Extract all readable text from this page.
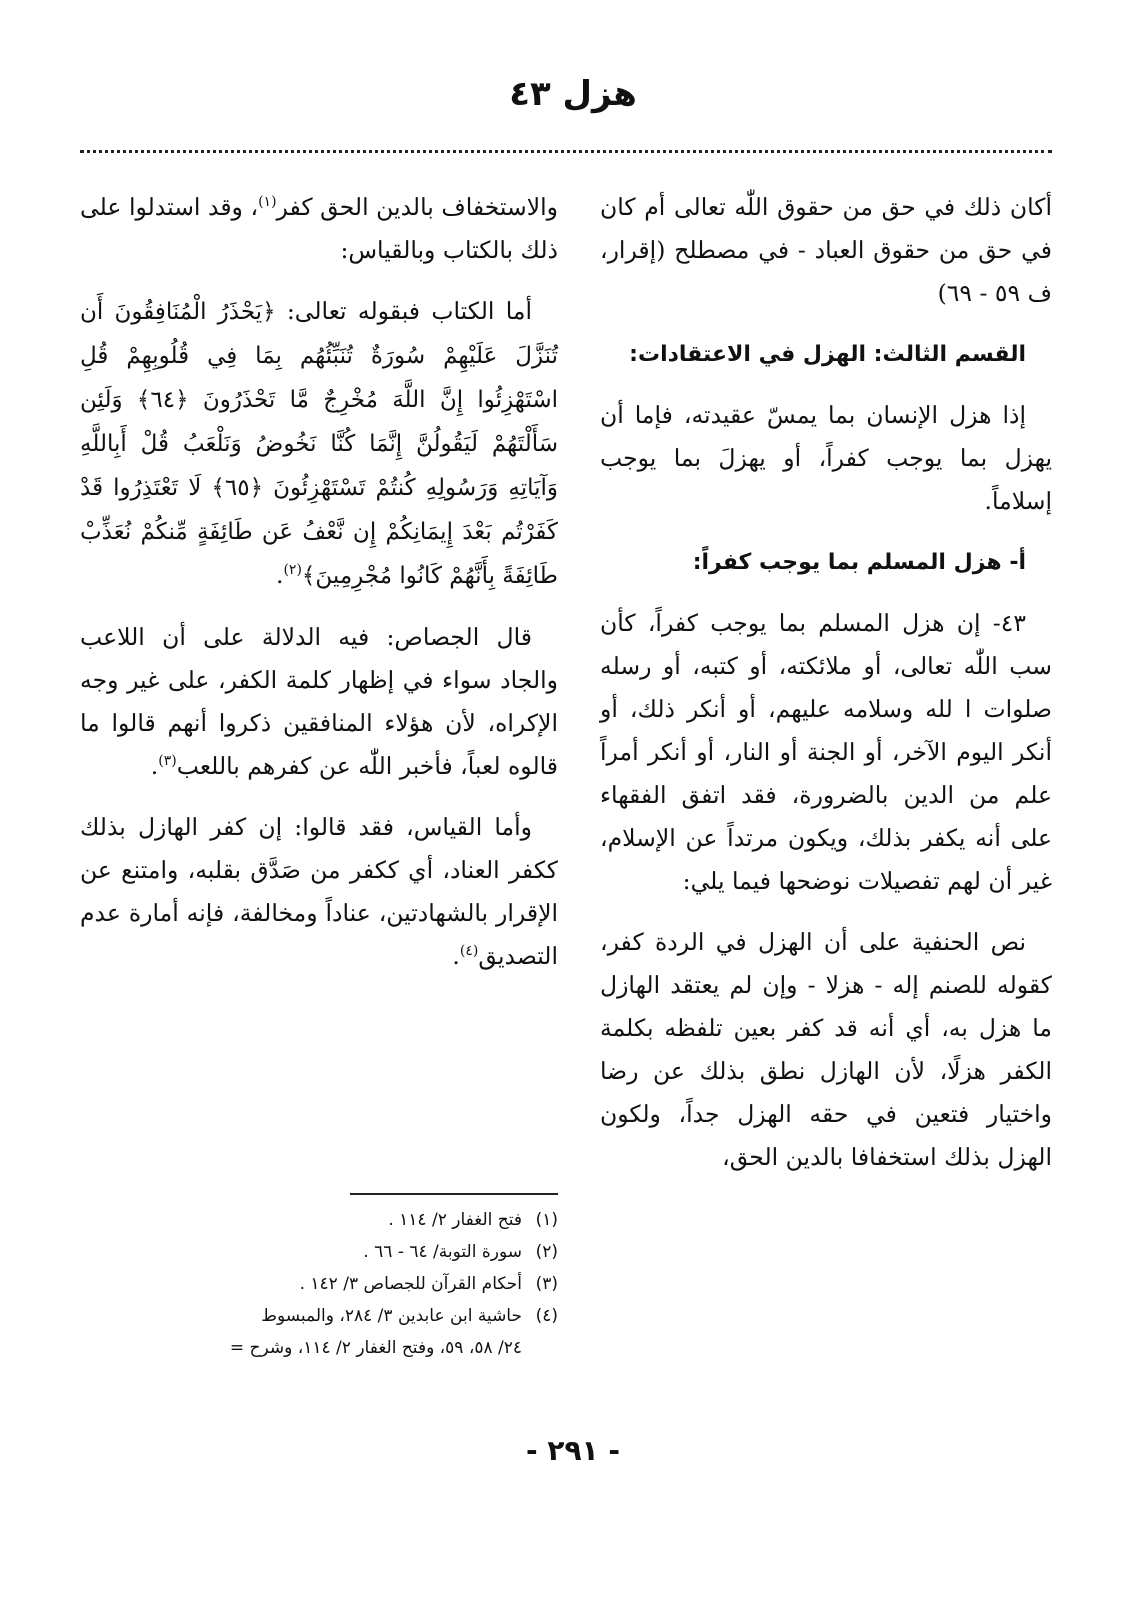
هزل ٤٣

أكان ذلك في حق من حقوق اللّٰه تعالى أم كان في حق من حقوق العباد - في مصطلح (إقرار، ف ٥٩ - ٦٩)

القسم الثالث: الهزل في الاعتقادات:

إذا هزل الإنسان بما يمسّ عقيدته، فإما أن يهزل بما يوجب كفراً، أو يهزلَ بما يوجب إسلاماً.

أ- هزل المسلم بما يوجب كفراً:

٤٣- إن هزل المسلم بما يوجب كفراً، كأن سب اللّٰه تعالى، أو ملائكته، أو كتبه، أو رسله صلوات ا لله وسلامه عليهم، أو أنكر ذلك، أو أنكر اليوم الآخر، أو الجنة أو النار، أو أنكر أمراً علم من الدين بالضرورة، فقد اتفق الفقهاء على أنه يكفر بذلك، ويكون مرتداً عن الإسلام، غير أن لهم تفصيلات نوضحها فيما يلي:

نص الحنفية على أن الهزل في الردة كفر، كقوله للصنم إله - هزلا - وإن لم يعتقد الهازل ما هزل به، أي أنه قد كفر بعين تلفظه بكلمة الكفر هزلًا، لأن الهازل نطق بذلك عن رضا واختيار فتعين في حقه الهزل جداً، ولكون الهزل بذلك استخفافا بالدين الحق،

والاستخفاف بالدين الحق كفر$^{(١)}$، وقد استدلوا على ذلك بالكتاب وبالقياس:

أما الكتاب فبقوله تعالى: ﴿يَحْذَرُ الْمُنَافِقُونَ أَن تُنَزَّلَ عَلَيْهِمْ سُورَةٌ تُنَبِّئُهُم بِمَا فِي قُلُوبِهِمْ قُلِ اسْتَهْزِئُوا إِنَّ اللَّهَ مُخْرِجٌ مَّا تَحْذَرُونَ ﴿٦٤﴾ وَلَئِن سَأَلْتَهُمْ لَيَقُولُنَّ إِنَّمَا كُنَّا نَخُوضُ وَنَلْعَبُ قُلْ أَبِاللَّهِ وَآيَاتِهِ وَرَسُولِهِ كُنتُمْ تَسْتَهْزِئُونَ ﴿٦٥﴾ لَا تَعْتَذِرُوا قَدْ كَفَرْتُم بَعْدَ إِيمَانِكُمْ إِن نَّعْفُ عَن طَائِفَةٍ مِّنكُمْ نُعَذِّبْ طَائِفَةً بِأَنَّهُمْ كَانُوا مُجْرِمِينَ﴾$^{(٢)}$.

قال الجصاص: فيه الدلالة على أن اللاعب والجاد سواء في إظهار كلمة الكفر، على غير وجه الإكراه، لأن هؤلاء المنافقين ذكروا أنهم قالوا ما قالوه لعباً، فأخبر اللّٰه عن كفرهم باللعب$^{(٣)}$.

وأما القياس، فقد قالوا: إن كفر الهازل بذلك ككفر العناد، أي ككفر من صَدَّق بقلبه، وامتنع عن الإقرار بالشهادتين، عناداً ومخالفة، فإنه أمارة عدم التصديق$^{(٤)}$.

(١)فتح الغفار ٢/ ١١٤ .

(٢)سورة التوبة/ ٦٤ - ٦٦ .

(٣)أحكام القرآن للجصاص ٣/ ١٤٢ .

(٤)حاشية ابن عابدين ٣/ ٢٨٤، والمبسوط

٢٤/ ٥٨، ٥٩، وفتح الغفار ٢/ ١١٤، وشرح =

- ٢٩١ -
